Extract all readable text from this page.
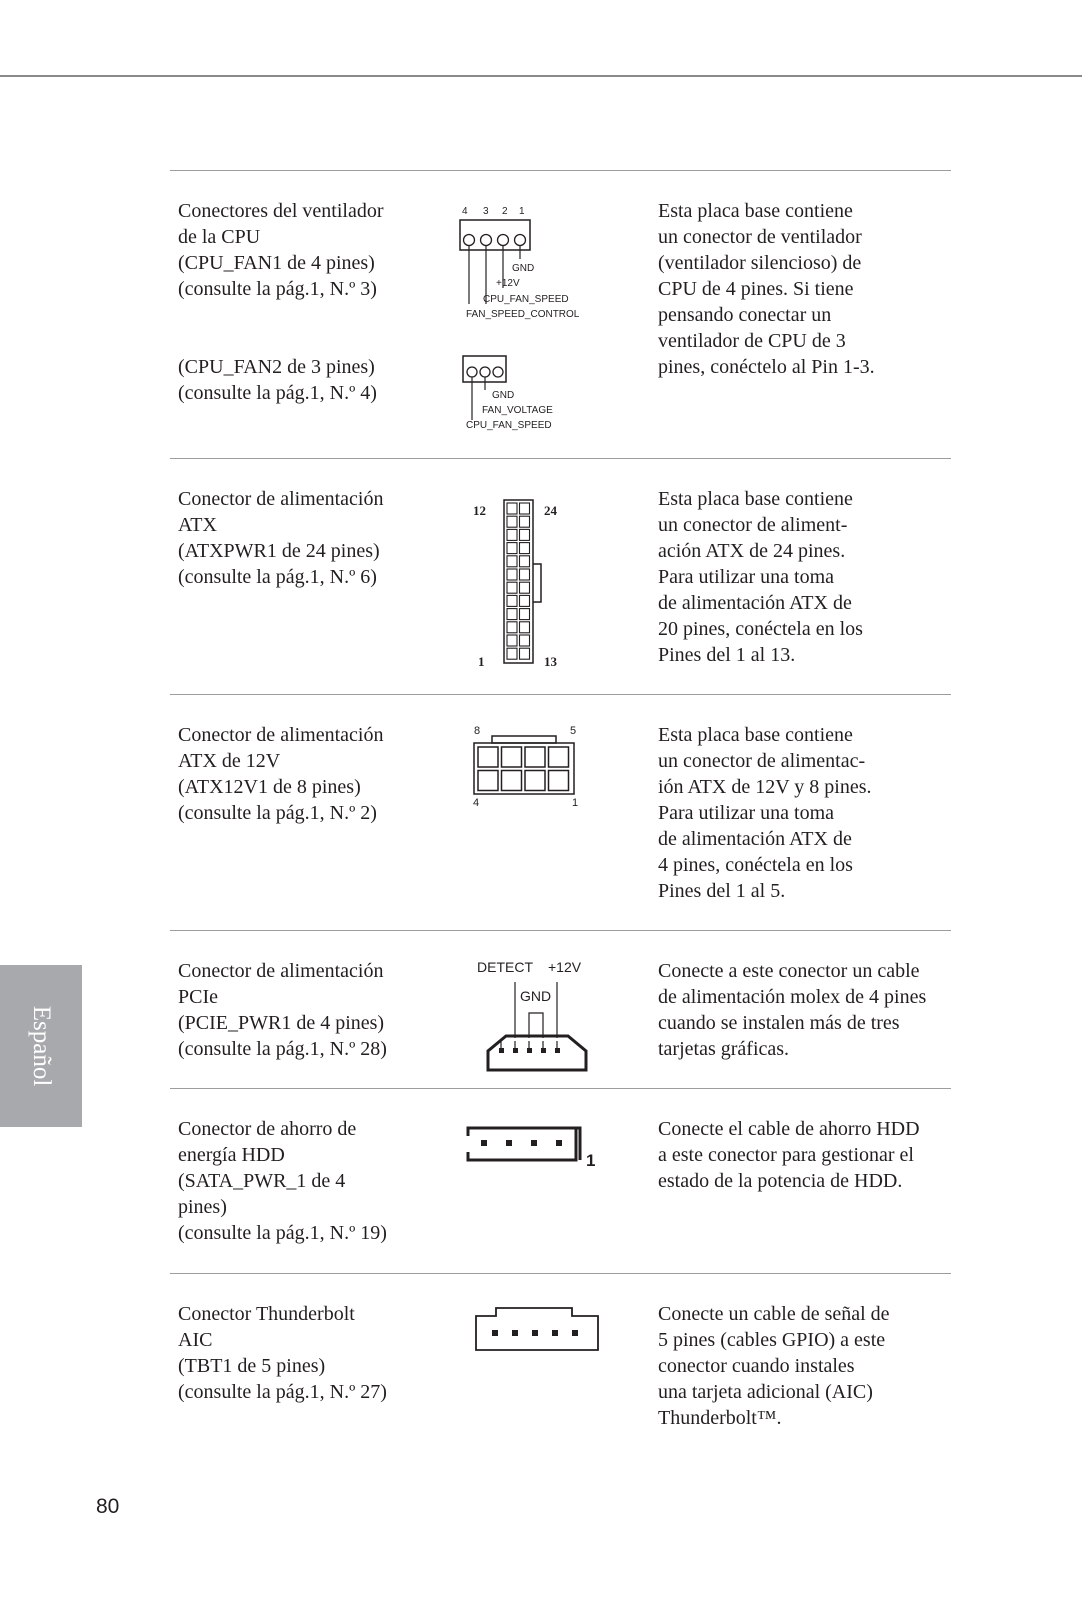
Conectores del ventilador

de la CPU

(CPU_FAN1 de 4 pines)

(consulte la pág.1, N.º 3)

(CPU_FAN2 de 3 pines)

(consulte la pág.1, N.º 4)

4 3 2 1
GND
+12V
CPU_FAN_SPEED
FAN_SPEED_CONTROL
GND
FAN_VOLTAGE
CPU_FAN_SPEED

Esta placa base contiene

un conector de ventilador

(ventilador silencioso) de

CPU de 4 pines. Si tiene

pensando conectar un

ventilador de CPU de 3

pines, conéctelo al Pin 1-3.

Conector de alimentación

ATX

(ATXPWR1 de 24 pines)

(consulte la pág.1, N.º 6)

12	24
1	13

Esta placa base contiene

un conector de aliment-

ación ATX de 24 pines.

Para utilizar una toma

de alimentación ATX de

20 pines, conéctela en los

Pines del 1 al 13.

Conector de alimentación

ATX de 12V

(ATX12V1 de 8 pines)

(consulte la pág.1, N.º 2)

8	5
4	1

Esta placa base contiene

un conector de alimentac-

ión ATX de 12V y 8 pines.

Para utilizar una toma

de alimentación ATX de

4 pines, conéctela en los

Pines del 1 al 5.

Conector de alimentación

PCIe

(PCIE_PWR1 de 4 pines)

(consulte la pág.1, N.º 28)

DETECT +12V
GND

Conecte a este conector un cable

de alimentación molex de 4 pines

cuando se instalen más de tres

tarjetas gráficas.

Conector de ahorro de

energía HDD

(SATA_PWR_1 de 4

pines)

(consulte la pág.1, N.º 19)

1

Conecte el cable de ahorro HDD

a este conector para gestionar el

estado de la potencia de HDD.

Conector Thunderbolt

AIC

(TBT1 de 5 pines)

(consulte la pág.1, N.º 27)

Conecte un cable de señal de

5 pines (cables GPIO) a este

conector cuando instales

una tarjeta adicional (AIC)

Thunderbolt™.

Español
80
